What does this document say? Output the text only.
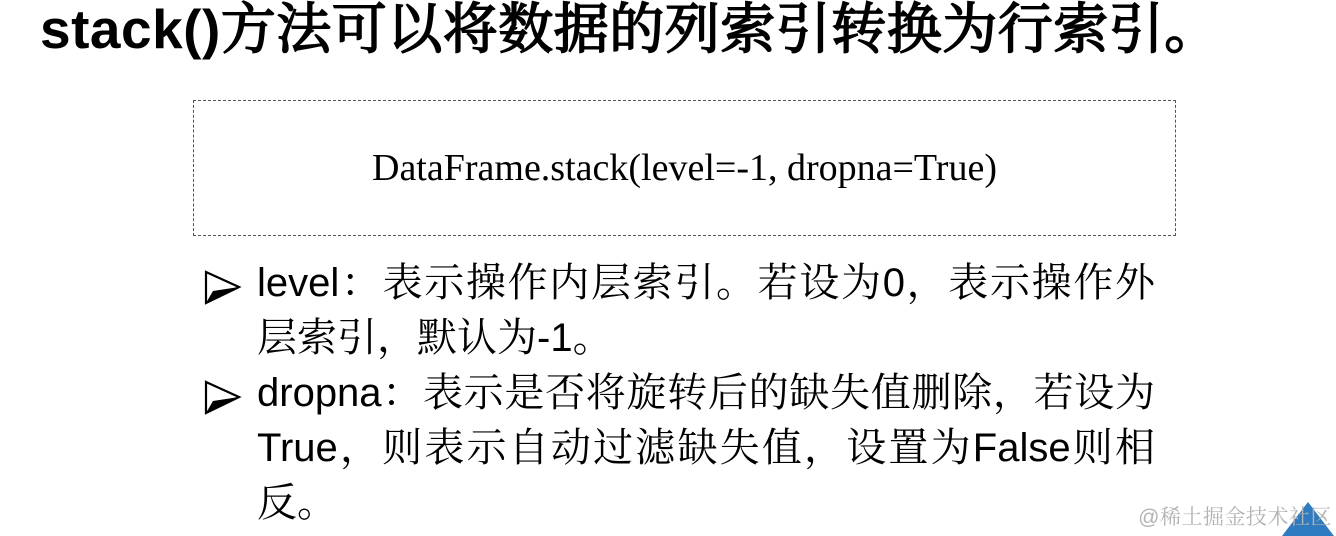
stack()方法可以将数据的列索引转换为行索引。
DataFrame.stack(level=-1, dropna=True)
level：表示操作内层索引。若设为0，表示操作外层索引，默认为-1。
dropna：表示是否将旋转后的缺失值删除，若设为True，则表示自动过滤缺失值，设置为False则相反。	@稀土掘金技术社区
